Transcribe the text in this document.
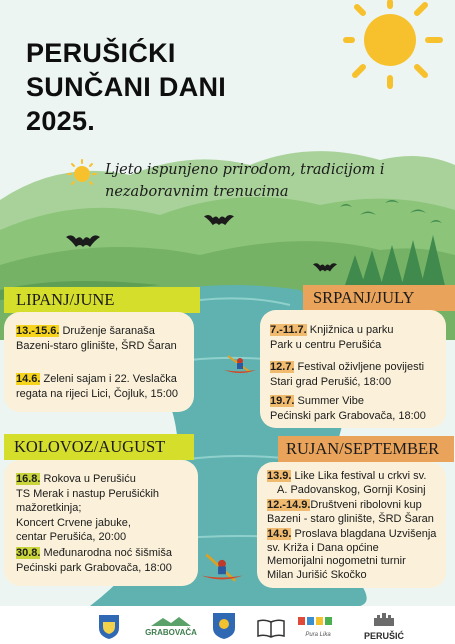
PERUŠIĆKI
SUNČANI DANI
2025.
Ljeto ispunjeno prirodom, tradicijom i
nezaboravnim trenucima
LIPANJ/JUNE
13.-15.6. Druženje šaranaša
Bazeni-staro glinište, ŠRD Šaran
14.6. Zeleni sajam i 22. Veslačka
regata na rijeci Lici, Čojluk, 15:00
SRPANJ/JULY
7.-11.7. Knjižnica u parku
Park u centru Perušića
12.7. Festival oživljene povijesti
Stari grad Perušić, 18:00
19.7. Summer Vibe
Pećinski park Grabovača, 18:00
KOLOVOZ/AUGUST
16.8. Rokova u Perušiću
TS Merak i nastup Perušićkih
mažoretkinja;
Koncert Crvene jabuke,
centar Perušića, 20:00
30.8. Međunarodna noć šišmiša
Pećinski park Grabovača, 18:00
RUJAN/SEPTEMBER
13.9. Like Lika festival u crkvi sv.
A. Padovanskog, Gornji Kosinj
12.-14.9.Društveni ribolovni kup
Bazeni - staro glinište, ŠRD Šaran
14.9. Proslava blagdana Uzvišenja
sv. Križa i Dana općine
Memorijalni nogometni turnir
Milan Jurišić Skočko
GRABOVAČA	Pura Lika	PERUŠIĆ
